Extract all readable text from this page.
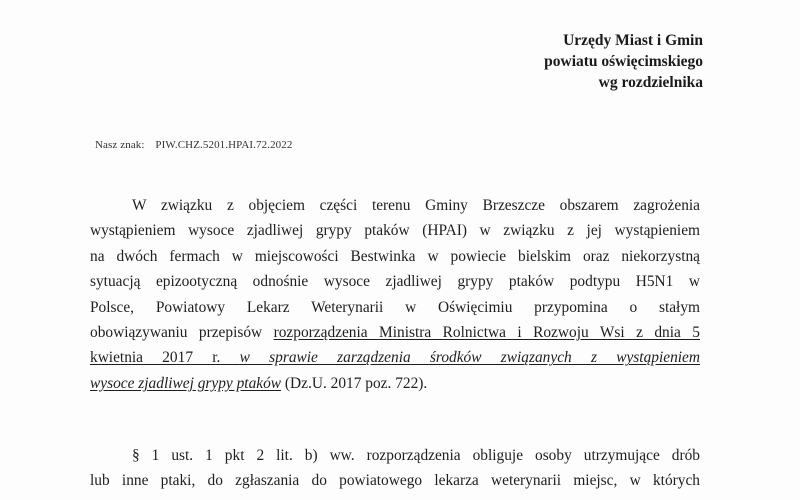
Urzędy Miast i Gmin
powiatu oświęcimskiego
wg rozdzielnika
Nasz znak: PIW.CHZ.5201.HPAI.72.2022
W związku z objęciem części terenu Gminy Brzeszcze obszarem zagrożenia
wystąpieniem wysoce zjadliwej grypy ptaków (HPAI) w związku z jej wystąpieniem
na dwóch fermach w miejscowości Bestwinka w powiecie bielskim oraz niekorzystną
sytuacją epizootyczną odnośnie wysoce zjadliwej grypy ptaków podtypu H5N1 w
Polsce, Powiatowy Lekarz Weterynarii w Oświęcimiu przypomina o stałym
obowiązywaniu przepisów rozporządzenia Ministra Rolnictwa i Rozwoju Wsi z dnia 5
kwietnia 2017 r. w sprawie zarządzenia środków związanych z wystąpieniem
wysoce zjadliwej grypy ptaków (Dz.U. 2017 poz. 722).
§ 1 ust. 1 pkt 2 lit. b) ww. rozporządzenia obliguje osoby utrzymujące drób
lub inne ptaki, do zgłaszania do powiatowego lekarza weterynarii miejsc, w których
